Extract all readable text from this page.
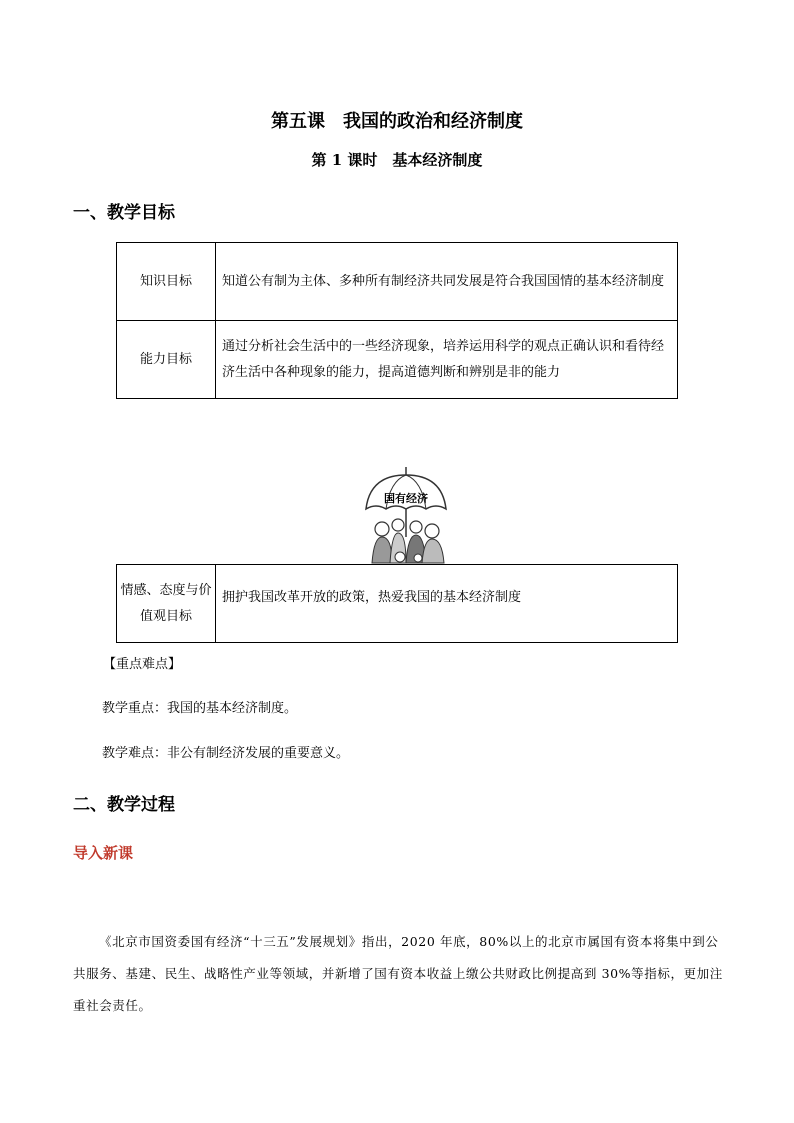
第五课　我国的政治和经济制度
第 1 课时　基本经济制度
一、教学目标
知识目标	知道公有制为主体、多种所有制经济共同发展是符合我国国情的基本经济制度
能力目标	通过分析社会生活中的一些经济现象，培养运用科学的观点正确认识和看待经济生活中各种现象的能力，提高道德判断和辨别是非的能力
国有经济
情感、态度与价值观目标	拥护我国改革开放的政策，热爱我国的基本经济制度
【重点难点】
教学重点：我国的基本经济制度。
教学难点：非公有制经济发展的重要意义。
二、教学过程
导入新课
《北京市国资委国有经济“十三五”发展规划》指出，2020 年底，80%以上的北京市属国有资本将集中到公共服务、基建、民生、战略性产业等领域，并新增了国有资本收益上缴公共财政比例提高到 30%等指标，更加注重社会责任。
